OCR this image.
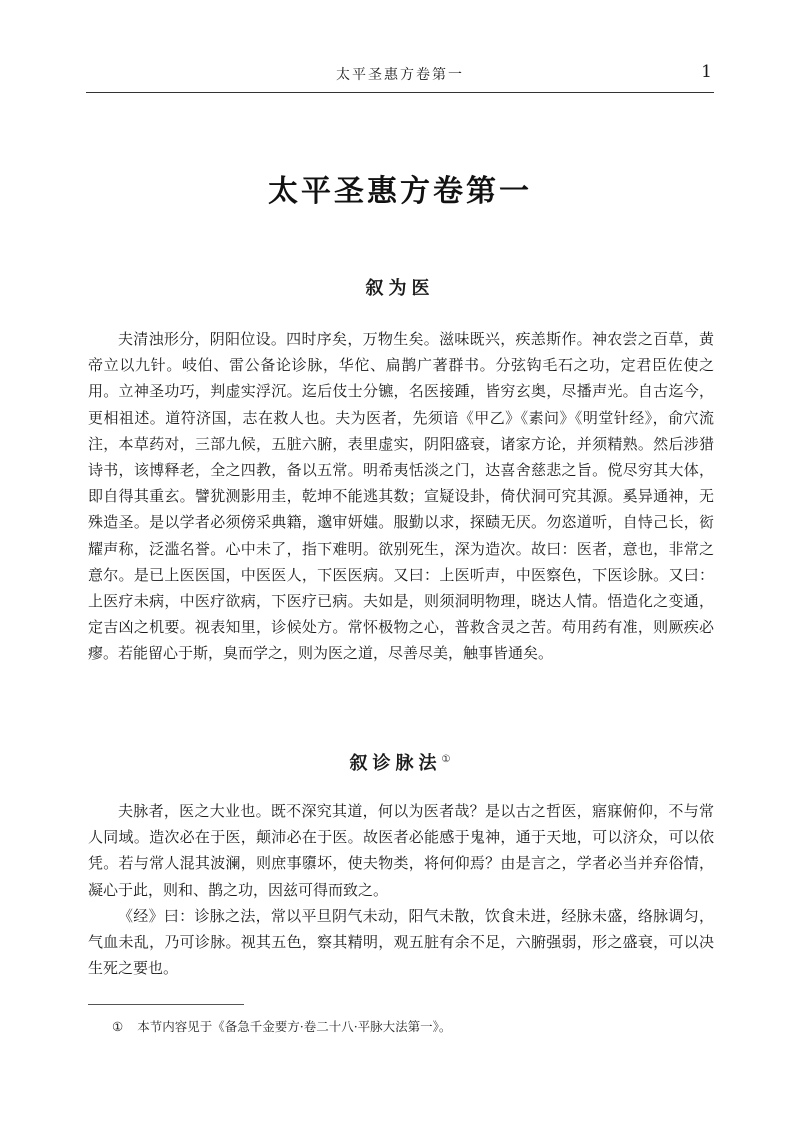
太平圣惠方卷第一	1
太平圣惠方卷第一
叙为医

夫清浊形分，阴阳位设。四时序矣，万物生矣。滋味既兴，疾恙斯作。神农尝之百草，黄帝立以九针。岐伯、雷公备论诊脉，华佗、扁鹊广著群书。分弦钩毛石之功，定君臣佐使之用。立神圣功巧，判虚实浮沉。迄后伎士分镳，名医接踵，皆穷玄奥，尽播声光。自古迄今，更相祖述。道符济国，志在救人也。夫为医者，先须谙《甲乙》《素问》《明堂针经》，俞穴流注，本草药对，三部九候，五脏六腑，表里虚实，阴阳盛衰，诸家方论，并须精熟。然后涉猎诗书，该博释老，全之四教，备以五常。明希夷恬淡之门，达喜舍慈悲之旨。傥尽穷其大体，即自得其重玄。譬犹测影用圭，乾坤不能逃其数；宣疑设卦，倚伏洞可究其源。奚异通神，无殊造圣。是以学者必须傍采典籍，邈审妍媸。服勤以求，探赜无厌。勿恣道听，自恃己长，衒耀声称，泛滥名誉。心中未了，指下难明。欲别死生，深为造次。故曰：医者，意也，非常之意尔。是已上医医国，中医医人，下医医病。又曰：上医听声，中医察色，下医诊脉。又曰：上医疗未病，中医疗欲病，下医疗已病。夫如是，则须洞明物理，晓达人情。悟造化之变通，定吉凶之机要。视表知里，诊候处方。常怀极物之心，普救含灵之苦。苟用药有准，则厥疾必瘳。若能留心于斯，臭而学之，则为医之道，尽善尽美，触事皆通矣。

叙诊脉法①

夫脉者，医之大业也。既不深究其道，何以为医者哉？是以古之哲医，寤寐俯仰，不与常人同域。造次必在于医，颠沛必在于医。故医者必能感于鬼神，通于天地，可以济众，可以依凭。若与常人混其波澜，则庶事隳坏，使夫物类，将何仰焉？由是言之，学者必当并弃俗情，凝心于此，则和、鹊之功，因兹可得而致之。

《经》曰：诊脉之法，常以平旦阴气未动，阳气未散，饮食未进，经脉未盛，络脉调匀，气血未乱，乃可诊脉。视其五色，察其精明，观五脏有余不足，六腑强弱，形之盛衰，可以决生死之要也。

① 本节内容见于《备急千金要方·卷二十八·平脉大法第一》。
